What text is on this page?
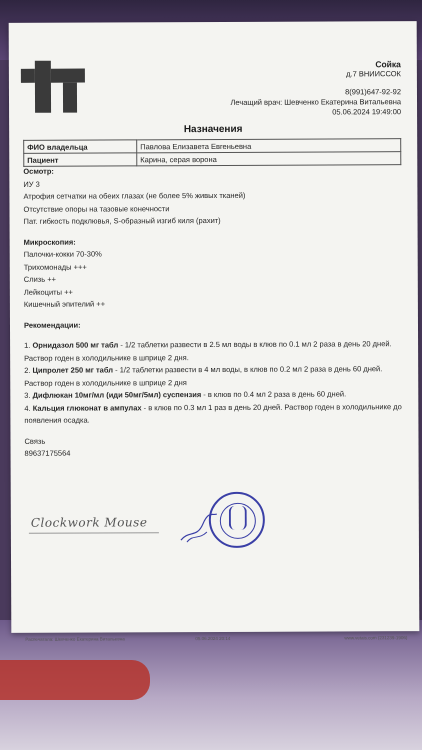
Сойка
д.7 ВНИИССОК
8(991)647-92-92
Лечащий врач: Шевченко Екатерина Витальевна
05.06.2024 19:49:00
Назначения
ФИО владельца	Павлова Елизавета Евгеньевна
Пациент	Карина, серая ворона
Осмотр:
ИУ 3
Атрофия сетчатки на обеих глазах (не более 5% живых тканей)
Отсутствие опоры на тазовые конечности
Пат. гибкость подклювья, S-образный изгиб киля (рахит)
Микроскопия:
Палочки-кокки 70-30%
Трихомонады +++
Слизь ++
Лейкоциты ++
Кишечный эпителий ++
Рекомендации:
1. Орнидазол 500 мг табл - 1/2 таблетки развести в 2.5 мл воды в клюв по 0.1 мл 2 раза в день 20 дней. Раствор годен в холодильнике в шприце 2 дня.
2. Ципролет 250 мг табл - 1/2 таблетки развести в 4 мл воды, в клюв по 0.2 мл 2 раза в день 60 дней. Раствор годен в холодильнике в шприце 2 дня
3. Дифлюкан 10мг/мл (иди 50мг/5мл) суспензия - в клюв по 0.4 мл 2 раза в день 60 дней.
4. Кальция глюконат в ампулах - в клюв по 0.3 мл 1 раз в день 20 дней. Раствор годен в холодильнике до появления осадка.
Связь
89637175564
Clockwork Mouse
Распечатала: Шевченко Екатерина Витальевна	05.06.2024 20:14	www.vetais.com (231239-1906)
